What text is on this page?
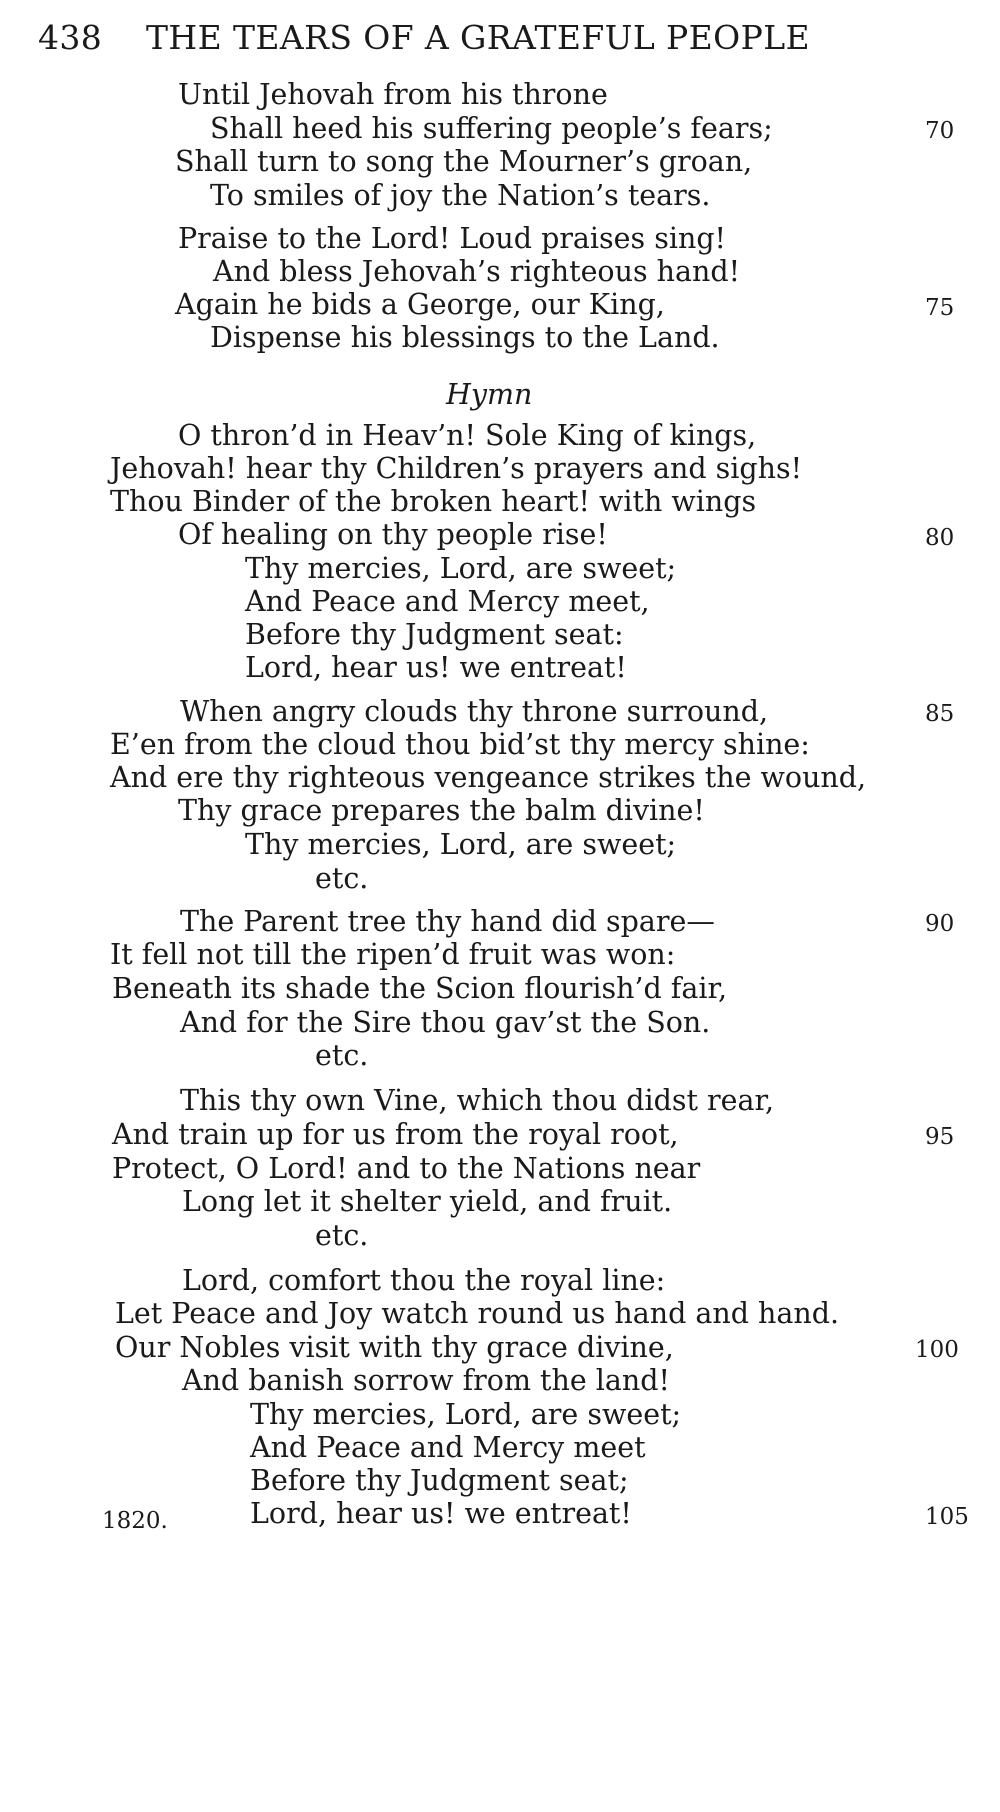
438 THE TEARS OF A GRATEFUL PEOPLE
Until Jehovah from his throne
Shall heed his suffering people’s fears;	70
Shall turn to song the Mourner’s groan,
To smiles of joy the Nation’s tears.
Praise to the Lord! Loud praises sing!
And bless Jehovah’s righteous hand!
Again he bids a George, our King,	75
Dispense his blessings to the Land.
Hymn
O thron’d in Heav’n! Sole King of kings,
Jehovah! hear thy Children’s prayers and sighs!
Thou Binder of the broken heart! with wings
Of healing on thy people rise!	80
Thy mercies, Lord, are sweet;
And Peace and Mercy meet,
Before thy Judgment seat:
Lord, hear us! we entreat!
When angry clouds thy throne surround,	85
E’en from the cloud thou bid’st thy mercy shine:
And ere thy righteous vengeance strikes the wound,
Thy grace prepares the balm divine!
Thy mercies, Lord, are sweet;
etc.
The Parent tree thy hand did spare—	90
It fell not till the ripen’d fruit was won:
Beneath its shade the Scion flourish’d fair,
And for the Sire thou gav’st the Son.
etc.
This thy own Vine, which thou didst rear,
And train up for us from the royal root,	95
Protect, O Lord! and to the Nations near
Long let it shelter yield, and fruit.
etc.
Lord, comfort thou the royal line:
Let Peace and Joy watch round us hand and hand.
Our Nobles visit with thy grace divine,	100
And banish sorrow from the land!
Thy mercies, Lord, are sweet;
And Peace and Mercy meet
Before thy Judgment seat;
Lord, hear us! we entreat!
1820.	105
